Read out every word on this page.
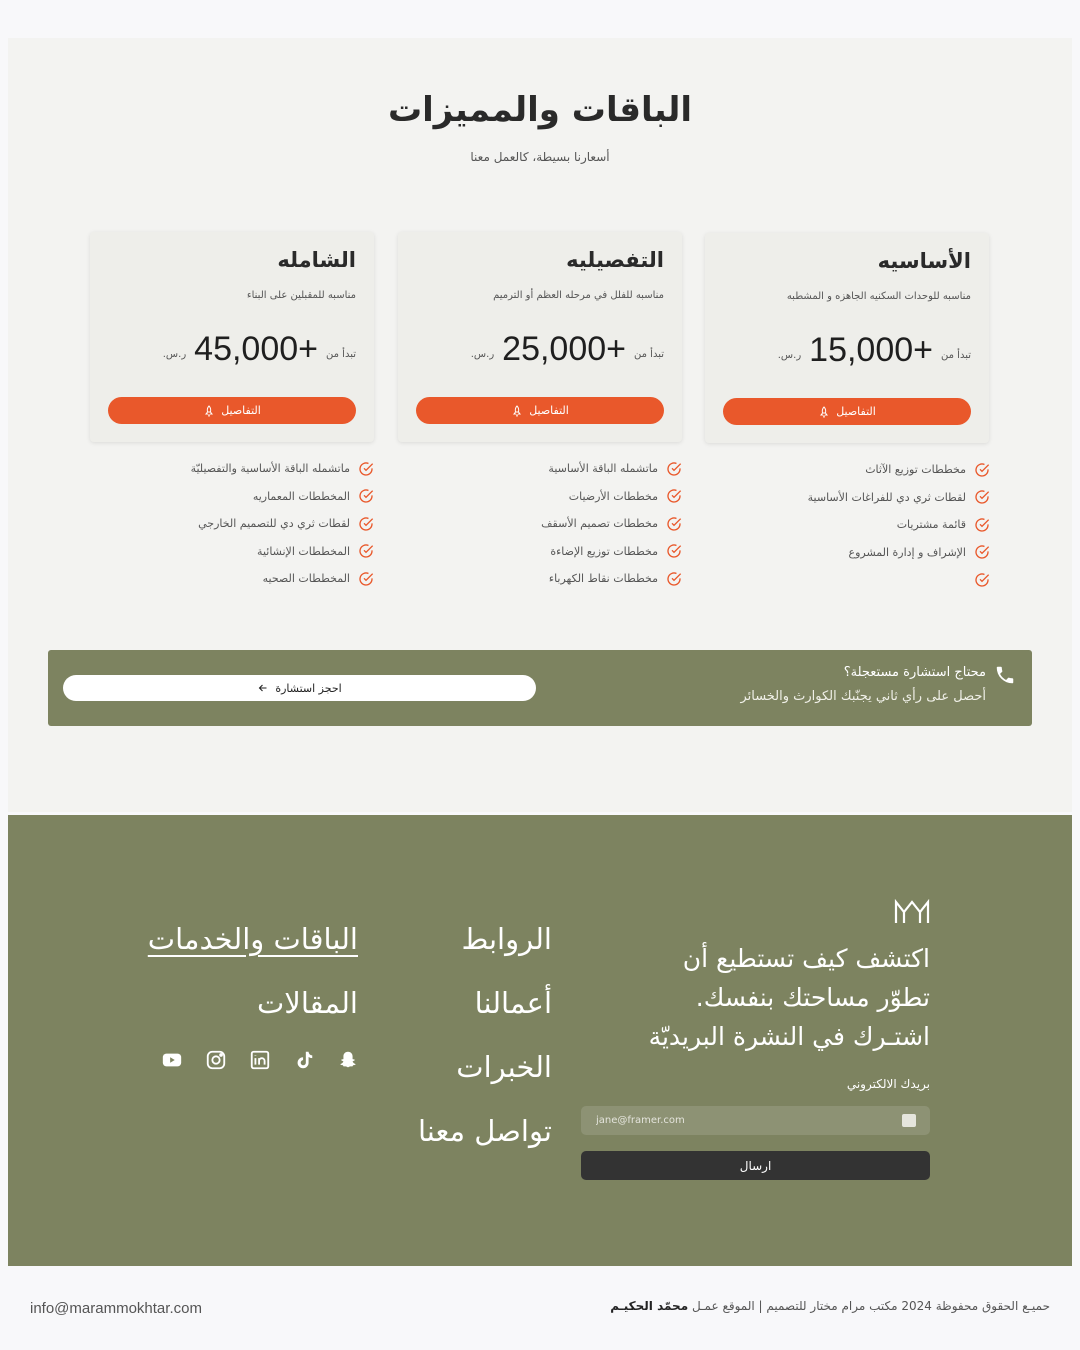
الباقات والمميزات

أسعارنا بسيطة، كالعمل معنا

الأساسيه
مناسبه للوحدات السكنيه الجاهزه و المشطبه
تبدأ من
15,000+
ر.س.
التفاصيل
التفصيليه
مناسبه للفلل في مرحله العظم أو الترميم
تبدأ من
25,000+
ر.س.
التفاصيل
الشامله
مناسبه للمقبلين على البناء
تبدأ من
45,000+
ر.س.
التفاصيل
مخططات توزيع الآثاث
لقطات ثري دي للفراغات الأساسية
قائمة مشتريات
الإشراف و إدارة المشروع
ماتشمله الباقة الأساسية
مخططات الأرضيات
مخططات تصميم الأسقف
مخططات توزيع الإضاءة
مخططات نقاط الكهرباء
ماتشمله الباقة الأساسية والتفصيليّة
المخططات المعماريه
لقطات ثري دي للتصميم الخارجي
المخططات الإنشائية
المخططات الصحيه
محتاج استشارة مستعجلة؟
أحصل على رأي ثاني يجنّبك الكوارث والخسائر
احجز استشارة
اكتشف كيف تستطيع أن تطوّر مساحتك بنفسك. اشتـرك في النشرة البريديّة
بريدك الالكتروني
jane@framer.com
ارسال
الروابط
أعمالنا
الخبرات
تواصل معنا
الباقات والخدمات
المقالات
حميـع الحقوق محفوظة 2024 مكتب مرام مختار للتصميم | الموقع عمـل محمّد الحكيـم
info@marammokhtar.com
